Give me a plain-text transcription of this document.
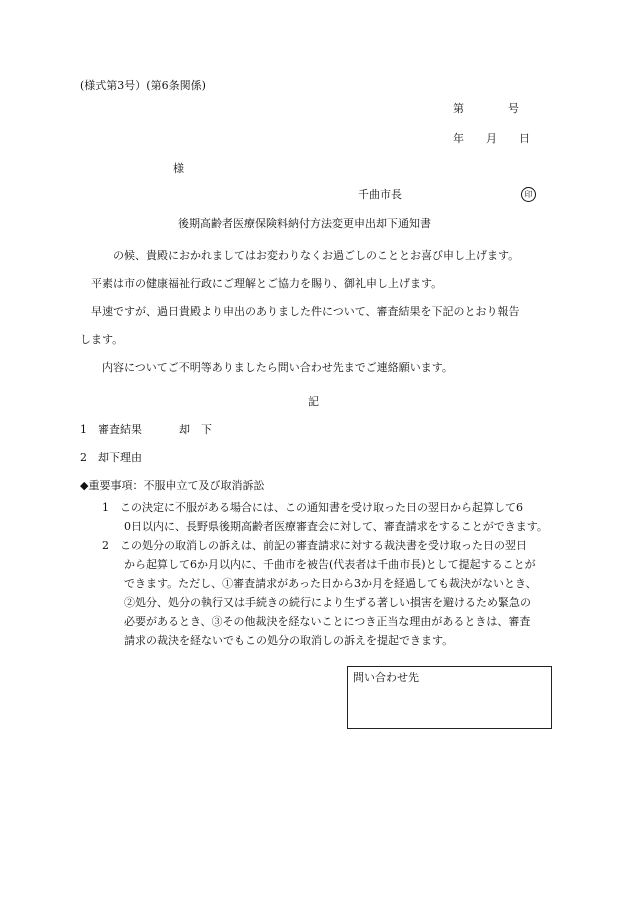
(様式第3号）(第6条関係)
第　　　　号
年　　月　　日
様
千曲市長	印
後期高齢者医療保険料納付方法変更申出却下通知書
の候、貴殿におかれましてはお変わりなくお過ごしのこととお喜び申し上げます。
平素は市の健康福祉行政にご理解とご協力を賜り、御礼申し上げます。
早速ですが、過日貴殿より申出のありました件について、審査結果を下記のとおり報告
します。
内容についてご不明等ありましたら問い合わせ先までご連絡願います。
記
1　審査結果	却　下
2　却下理由
◆重要事項：不服申立て及び取消訴訟
1　この決定に不服がある場合には、この通知書を受け取った日の翌日から起算して6
0日以内に、長野県後期高齢者医療審査会に対して、審査請求をすることができます。
2　この処分の取消しの訴えは、前記の審査請求に対する裁決書を受け取った日の翌日
から起算して6か月以内に、千曲市を被告(代表者は千曲市長)として提起することが
できます。ただし、①審査請求があった日から3か月を経過しても裁決がないとき、
②処分、処分の執行又は手続きの続行により生ずる著しい損害を避けるため緊急の
必要があるとき、③その他裁決を経ないことにつき正当な理由があるときは、審査
請求の裁決を経ないでもこの処分の取消しの訴えを提起できます。
問い合わせ先
